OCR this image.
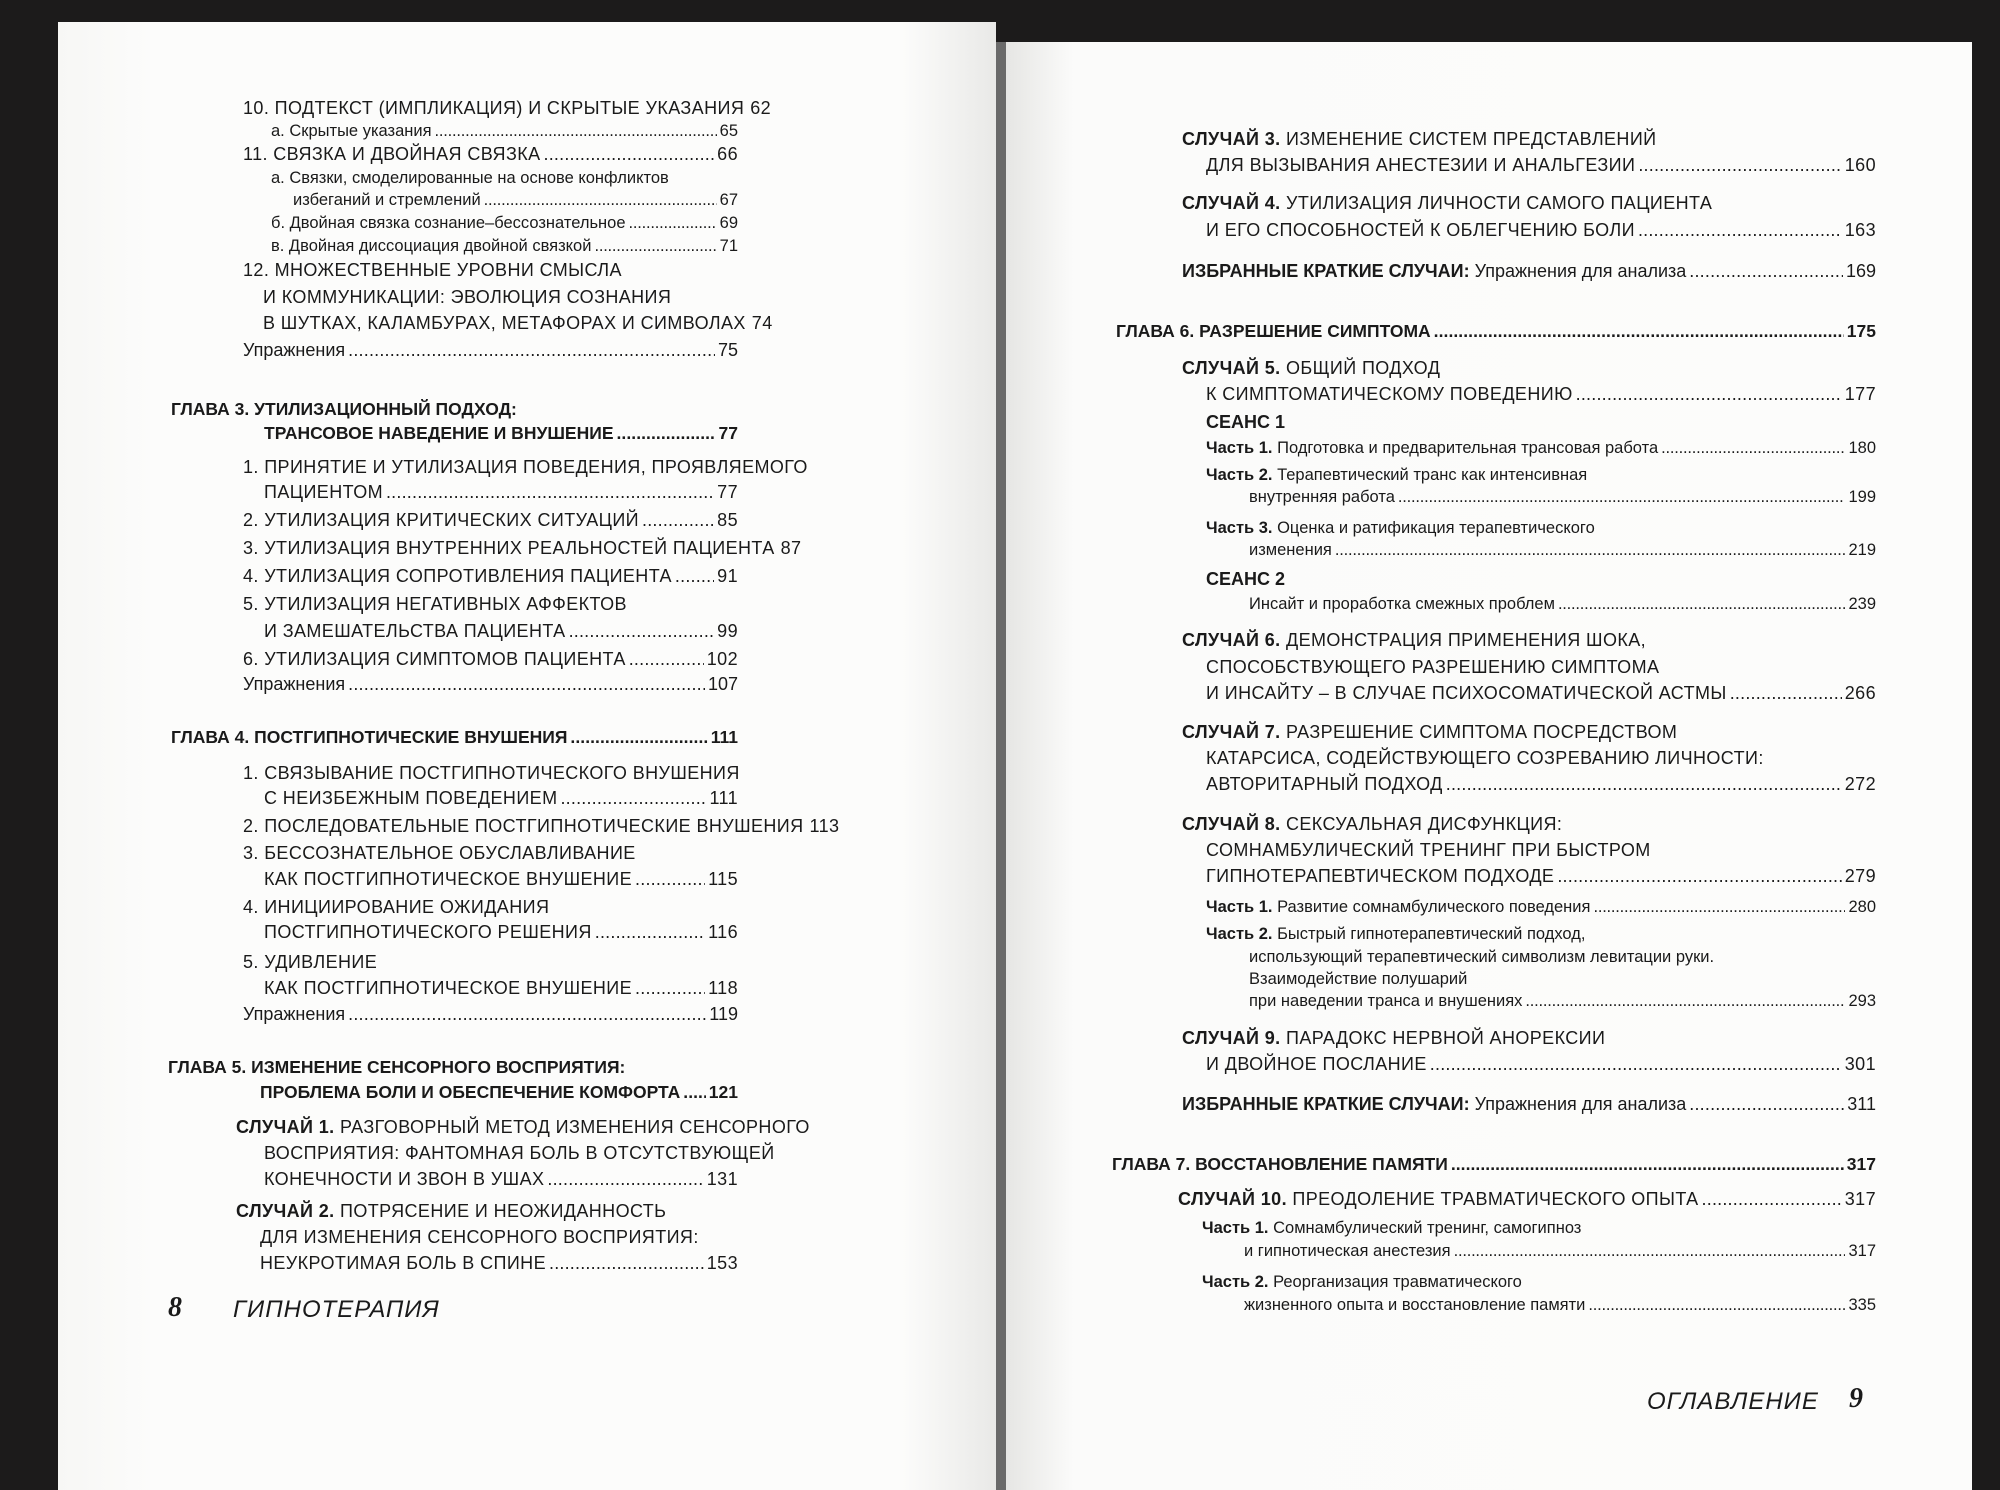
10. ПОДТЕКСТ (ИМПЛИКАЦИЯ) И СКРЫТЫЕ УКАЗАНИЯ 62
а. Скрытые указания . . .	65
11. СВЯЗКА И ДВОЙНАЯ СВЯЗКА . . .	66
а. Связки, смоделированные на основе конфликтов
избеганий и стремлений . . .	67
б. Двойная связка сознание–бессознательное . . .	69
в. Двойная диссоциация двойной связкой . . .	71
12. МНОЖЕСТВЕННЫЕ УРОВНИ СМЫСЛА
И КОММУНИКАЦИИ: ЭВОЛЮЦИЯ СОЗНАНИЯ
В ШУТКАХ, КАЛАМБУРАХ, МЕТАФОРАХ И СИМВОЛАХ 74
Упражнения . . .	75
ГЛАВА 3. УТИЛИЗАЦИОННЫЙ ПОДХОД:
ТРАНСОВОЕ НАВЕДЕНИЕ И ВНУШЕНИЕ . . .	77
1. ПРИНЯТИЕ И УТИЛИЗАЦИЯ ПОВЕДЕНИЯ, ПРОЯВЛЯЕМОГО
ПАЦИЕНТОМ . . .	77
2. УТИЛИЗАЦИЯ КРИТИЧЕСКИХ СИТУАЦИЙ . . .	85
3. УТИЛИЗАЦИЯ ВНУТРЕННИХ РЕАЛЬНОСТЕЙ ПАЦИЕНТА 87
4. УТИЛИЗАЦИЯ СОПРОТИВЛЕНИЯ ПАЦИЕНТА . . .	91
5. УТИЛИЗАЦИЯ НЕГАТИВНЫХ АФФЕКТОВ
И ЗАМЕШАТЕЛЬСТВА ПАЦИЕНТА . . .	99
6. УТИЛИЗАЦИЯ СИМПТОМОВ ПАЦИЕНТА . . .	102
Упражнения . . .	107
ГЛАВА 4. ПОСТГИПНОТИЧЕСКИЕ ВНУШЕНИЯ . . .	111
1. СВЯЗЫВАНИЕ ПОСТГИПНОТИЧЕСКОГО ВНУШЕНИЯ
С НЕИЗБЕЖНЫМ ПОВЕДЕНИЕМ . . .	111
2. ПОСЛЕДОВАТЕЛЬНЫЕ ПОСТГИПНОТИЧЕСКИЕ ВНУШЕНИЯ 113
3. БЕССОЗНАТЕЛЬНОЕ ОБУСЛАВЛИВАНИЕ
КАК ПОСТГИПНОТИЧЕСКОЕ ВНУШЕНИЕ . . .	115
4. ИНИЦИИРОВАНИЕ ОЖИДАНИЯ
ПОСТГИПНОТИЧЕСКОГО РЕШЕНИЯ . . .	116
5. УДИВЛЕНИЕ
КАК ПОСТГИПНОТИЧЕСКОЕ ВНУШЕНИЕ . . .	118
Упражнения . . .	119
ГЛАВА 5. ИЗМЕНЕНИЕ СЕНСОРНОГО ВОСПРИЯТИЯ:
ПРОБЛЕМА БОЛИ И ОБЕСПЕЧЕНИЕ КОМФОРТА . . . 121
СЛУЧАЙ 1. РАЗГОВОРНЫЙ МЕТОД ИЗМЕНЕНИЯ СЕНСОРНОГО
ВОСПРИЯТИЯ: ФАНТОМНАЯ БОЛЬ В ОТСУТСТВУЮЩЕЙ
КОНЕЧНОСТИ И ЗВОН В УШАХ . . .	131
СЛУЧАЙ 2. ПОТРЯСЕНИЕ И НЕОЖИДАННОСТЬ
ДЛЯ ИЗМЕНЕНИЯ СЕНСОРНОГО ВОСПРИЯТИЯ:
НЕУКРОТИМАЯ БОЛЬ В СПИНЕ . . .	153
8 ГИПНОТЕРАПИЯ
СЛУЧАЙ 3. ИЗМЕНЕНИЕ СИСТЕМ ПРЕДСТАВЛЕНИЙ
ДЛЯ ВЫЗЫВАНИЯ АНЕСТЕЗИИ И АНАЛЬГЕЗИИ . . .	160
СЛУЧАЙ 4. УТИЛИЗАЦИЯ ЛИЧНОСТИ САМОГО ПАЦИЕНТА
И ЕГО СПОСОБНОСТЕЙ К ОБЛЕГЧЕНИЮ БОЛИ . . .	163
ИЗБРАННЫЕ КРАТКИЕ СЛУЧАИ: Упражнения для анализа . . .	169
ГЛАВА 6. РАЗРЕШЕНИЕ СИМПТОМА . . .	175
СЛУЧАЙ 5. ОБЩИЙ ПОДХОД
К СИМПТОМАТИЧЕСКОМУ ПОВЕДЕНИЮ . . .	177
СЕАНС 1
Часть 1. Подготовка и предварительная трансовая работа . . .	180
Часть 2. Терапевтический транс как интенсивная
внутренняя работа . . .	199
Часть 3. Оценка и ратификация терапевтического
изменения . . .	219
СЕАНС 2
Инсайт и проработка смежных проблем . . .	239
СЛУЧАЙ 6. ДЕМОНСТРАЦИЯ ПРИМЕНЕНИЯ ШОКА,
СПОСОБСТВУЮЩЕГО РАЗРЕШЕНИЮ СИМПТОМА
И ИНСАЙТУ – В СЛУЧАЕ ПСИХОСОМАТИЧЕСКОЙ АСТМЫ . . .	266
СЛУЧАЙ 7. РАЗРЕШЕНИЕ СИМПТОМА ПОСРЕДСТВОМ
КАТАРСИСА, СОДЕЙСТВУЮЩЕГО СОЗРЕВАНИЮ ЛИЧНОСТИ:
АВТОРИТАРНЫЙ ПОДХОД . . .	272
СЛУЧАЙ 8. СЕКСУАЛЬНАЯ ДИСФУНКЦИЯ:
СОМНАМБУЛИЧЕСКИЙ ТРЕНИНГ ПРИ БЫСТРОМ
ГИПНОТЕРАПЕВТИЧЕСКОМ ПОДХОДЕ . . .	279
Часть 1. Развитие сомнамбулического поведения . . .	280
Часть 2. Быстрый гипнотерапевтический подход,
использующий терапевтический символизм левитации руки.
Взаимодействие полушарий
при наведении транса и внушениях . . .	293
СЛУЧАЙ 9. ПАРАДОКС НЕРВНОЙ АНОРЕКСИИ
И ДВОЙНОЕ ПОСЛАНИЕ . . .	301
ИЗБРАННЫЕ КРАТКИЕ СЛУЧАИ: Упражнения для анализа . . .	311
ГЛАВА 7. ВОССТАНОВЛЕНИЕ ПАМЯТИ . . .	317
СЛУЧАЙ 10. ПРЕОДОЛЕНИЕ ТРАВМАТИЧЕСКОГО ОПЫТА . . .	317
Часть 1. Сомнамбулический тренинг, самогипноз
и гипнотическая анестезия . . .	317
Часть 2. Реорганизация травматического
жизненного опыта и восстановление памяти . . .	335
ОГЛАВЛЕНИЕ 9
